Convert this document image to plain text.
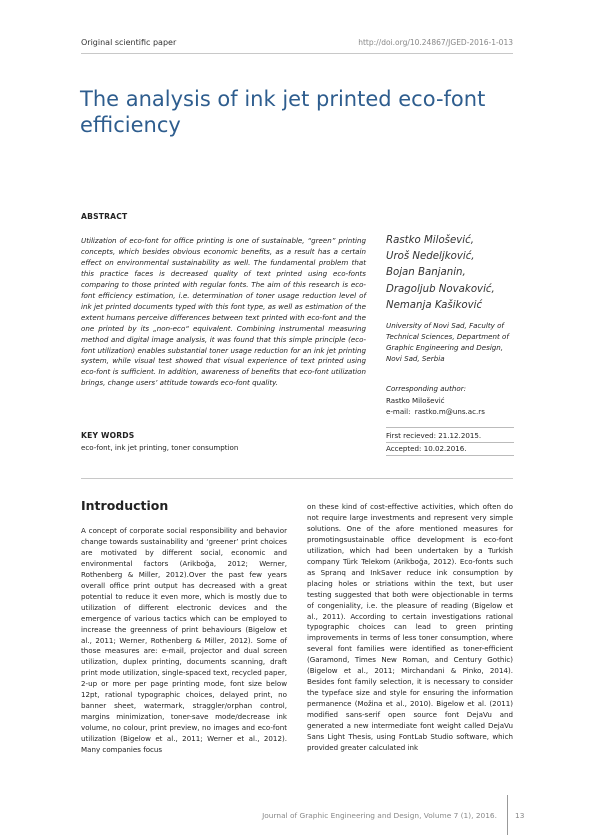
Original scientific paper	http://doi.org/10.24867/JGED-2016-1-013
The analysis of ink jet printed eco-font efficiency
ABSTRACT

Utilization of eco-font for office printing is one of sustainable, “green” printing concepts, which besides obvious economic benefits, as a result has a certain effect on environmental sustainability as well. The fundamental problem that this practice faces is decreased quality of text printed using eco-fonts comparing to those printed with regular fonts. The aim of this research is eco-font efficiency estimation, i.e. determination of toner usage reduction level of ink jet printed documents typed with this font type, as well as estimation of the extent humans perceive differences between text printed with eco-font and the one printed by its „non-eco“ equivalent. Combining instrumental measuring method and digital image analysis, it was found that this simple principle (eco-font utilization) enables substantial toner usage reduction for an ink jet printing system, while visual test showed that visual experience of text printed using eco-font is sufficient. In addition, awareness of benefits that eco-font utilization brings, change users’ attitude towards eco-font quality.

Rastko Milošević,
Uroš Nedeljković,
Bojan Banjanin,
Dragoljub Novaković,
Nemanja Kašiković
University of Novi Sad, Faculty of Technical Sciences, Department of Graphic Engineering and Design, Novi Sad, Serbia
Corresponding author:
Rastko Milošević
e-mail: rastko.m@uns.ac.rs
First recieved: 21.12.2015.
Accepted: 10.02.2016.
KEY WORDS
eco-font, ink jet printing, toner consumption
Introduction

A concept of corporate social responsibility and behavior change towards sustainability and ‘greener’ print choices are motivated by different social, economic and environmental factors (Arikboğa, 2012; Werner, Rothenberg & Miller, 2012).Over the past few years overall office print output has decreased with a great potential to reduce it even more, which is mostly due to utilization of different electronic devices and the emergence of various tactics which can be employed to increase the greenness of print behaviours (Bigelow et al., 2011; Werner, Rothenberg & Miller, 2012). Some of those measures are: e-mail, projector and dual screen utilization, duplex printing, documents scanning, draft print mode utilization, single-spaced text, recycled paper, 2-up or more per page printing mode, font size below 12pt, rational typographic choices, delayed print, no banner sheet, watermark, straggler/orphan control, margins minimization, toner-save mode/decrease ink volume, no colour, print preview, no images and eco-font utilization (Bigelow et al., 2011; Werner et al., 2012). Many companies focus

on these kind of cost-effective activities, which often do not require large investments and represent very simple solutions. One of the afore mentioned measures for promotingsustainable office development is eco-font utilization, which had been undertaken by a Turkish company Türk Telekom (Arikboğa, 2012). Eco-fonts such as Spranq and InkSaver reduce ink consumption by placing holes or striations within the text, but user testing suggested that both were objectionable in terms of congeniality, i.e. the pleasure of reading (Bigelow et al., 2011). According to certain investigations rational typographic choices can lead to green printing improvements in terms of less toner consumption, where several font families were identified as toner-efficient (Garamond, Times New Roman, and Century Gothic)(Bigelow et al., 2011; Mirchandani & Pinko, 2014). Besides font family selection, it is necessary to consider the typeface size and style for ensuring the information permanence (Možina et al., 2010). Bigelow et al. (2011) modified sans-serif open source font DejaVu and generated a new intermediate font weight called DejaVu Sans Light Thesis, using FontLab Studio software, which provided greater calculated ink

Journal of Graphic Engineering and Design, Volume 7 (1), 2016. 13
